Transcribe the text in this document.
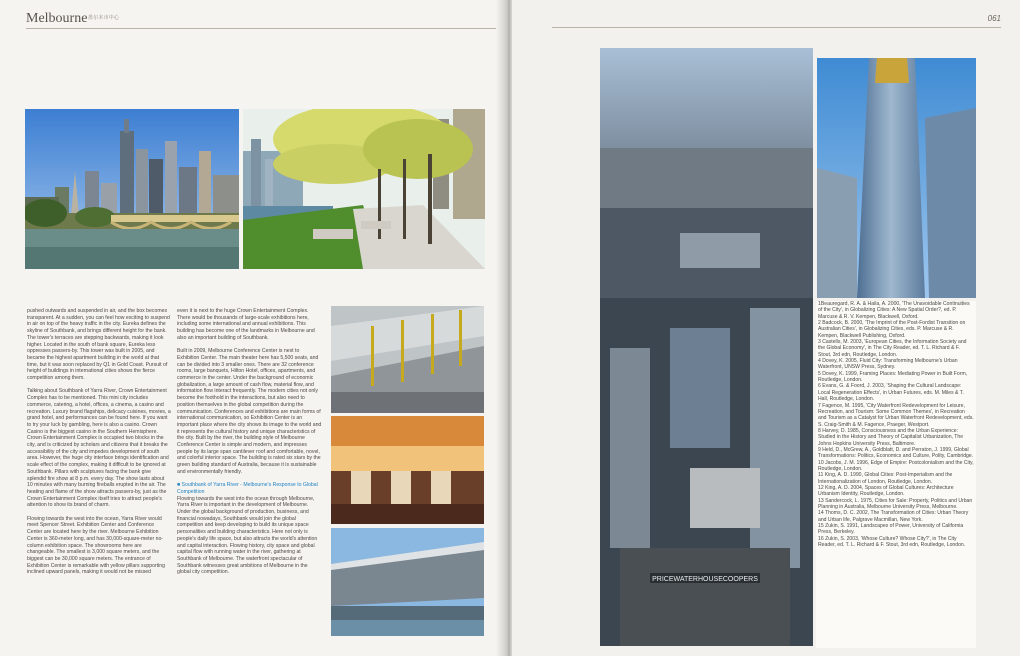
Melbourne 墨尔本市中心

pushed outwards and suspended in air, and the box becomes transparent. At a sudden, you can feel how exciting to suspend in air on top of the heavy traffic in the city. Eureka defines the skyline of Southbank, and brings different height for the bank. The tower's terraces are stepping backwards, making it look higher. Located in the south of bank square, Eureka less oppresses passers-by. This tower was built in 2005, and became the highest apartment building in the world at that time, but it was soon replaced by Q1 in Gold Coast. Pursuit of height of buildings in international cities shows the fierce competition among them.

Talking about Southbank of Yarra River, Crown Entertainment Complex has to be mentioned. This mini city includes commerce, catering, a hotel, offices, a cinema, a casino and recreation. Luxury brand flagships, delicacy cuisines, movies, a grand hotel, and performances can be found here. If you want to try your luck by gambling, here is also a casino. Crown Casino is the biggest casino in the Southern Hemisphere. Crown Entertainment Complex is occupied two blocks in the city, and is criticized by scholars and citizens that it breaks the accessibility of the city and impedes development of south area. However, the huge city interface brings identification and scale effect of the complex, making it difficult to be ignored at Southbank. Pillars with sculptures facing the bank give splendid fire show at 8 p.m. every day. The show lasts about 10 minutes with many burning fireballs erupted in the air. The heating and flame of the show attracts passers-by, just as the Crown Entertainment Complex itself tries to attract people's attention to show its brand of charm.

Flowing towards the west into the ocean, Yarra River would meet Spencer Street. Exhibition Center and Conference Center are located here by the river. Melbourne Exhibition Center is 360-meter long, and has 30,000-square-meter no-column exhibition space. The showrooms here are changeable. The smallest is 3,000 square meters, and the biggest can be 30,000 square meters. The entrance of Exhibition Center is remarkable with yellow pillars supporting inclined upward panels, making it would not be missed

even it is next to the huge Crown Entertainment Complex. There would be thousands of large-scale exhibitions here, including some international and annual exhibitions. This building has become one of the landmarks in Melbourne and also an important building of Southbank.

Built in 2009, Melbourne Conference Center is next to Exhibition Center. The main theater here has 5,500 seats, and can be divided into 3 smaller ones. There are 32 conference rooms, large banquets, Hilton Hotel, offices, apartments, and commerce in the center. Under the background of economic globalization, a large amount of cash flow, material flow, and information flow interact frequently. The modern cities not only become the foothold in the interactions, but also need to position themselves in the global competition during the communication. Conferences and exhibitions are main forms of international communication, so Exhibition Center is an important place where the city shows its image to the world and it represents the cultural history and unique characteristics of the city. Built by the river, the building style of Melbourne Conference Center is simple and modern, and impresses people by its large span cantilever roof and comfortable, novel, and colorful interior space. The building is rated six stars by the green building standard of Australia, because it is sustainable and environmentally friendly.

■ Southbank of Yarra River - Melbourne's Response to Global Competition

Flowing towards the west into the ocean through Melbourne, Yarra River is important in the development of Melbourne. Under the global background of production, business, and financial nowadays, Southbank would join the global competition and keep developing to build its unique space personalities and building characteristics. Here not only is people's daily life space, but also attracts the world's attention and capital interaction. Flowing history, city space and global capital flow with running water in the river, gathering at Southbank of Melbourne. The waterfront spectacular of Southbank witnesses great ambitions of Melbourne in the global city competition.

061
PRICEWATERHOUSECOOPERS
1Beauregard, R. A. & Haila, A. 2000, 'The Unavoidable Continuities of the City', in Globalizing Cities: A New Spatial Order?, ed. P. Marcuse & R. V. Kempen, Blackwell, Oxford.
2 Badcock, B. 2000, 'The Imprint of the Post-Fordist Transition on Australian Cities', in Globalizing Cities, eds. P. Marcuse & R. Kempen, Blackwell Publishing, Oxford.
3 Castells, M. 2003, 'European Cities, the Information Society and the Global Economy', in The City Reader, ed. T. L. Richard & F. Stout, 3rd edn, Routledge, London.
4 Dovey, K. 2005, Fluid City: Transforming Melbourne's Urban Waterfront, UNSW Press, Sydney.
5 Dovey, K. 1999, Framing Places: Mediating Power in Built Form, Routledge, London.
6 Evans, G. & Foord, J. 2003, 'Shaping the Cultural Landscape: Local Regeneration Effects', in Urban Futures, eds. M. Miles & T. Hall, Routledge, London.
7 Fagence, M. 1995, 'City Waterfront Redevelopment for Leisure, Recreation, and Tourism: Some Common Themes', in Recreation and Tourism as a Catalyst for Urban Waterfront Redevelopment, eds. S. Craig-Smith & M. Fagence, Praeger, Westport.
8 Harvey, D. 1985, Consciousness and the Urban Experience: Studied in the History and Theory of Capitalist Urbanization, The Johns Hopkins University Press, Baltimore.
9 Held, D., McGrew, A., Goldblatt, D. and Perraton, J. 1999, Global Transformations: Politics, Economics and Culture, Polity, Cambridge.
10 Jacobs, J. M. 1996, Edge of Empire: Postcolonialism and the City, Routledge, London.
11 King, A. D. 1990, Global Cities: Post-Imperialism and the Internationalization of London, Routledge, London.
12 King, A. D. 2004, Spaces of Global Cultures: Architecture Urbanism Identity, Routledge, London.
13 Sandercock, L. 1975, Cities for Sale: Property, Politics and Urban Planning in Australia, Melbourne University Press, Melbourne.
14 Thoms, D. C. 2002, The Transformation of Cities: Urban Theory and Urban life, Palgrave Macmillan, New York.
15 Zukin, S. 1991, Landscapes of Power, University of California Press, Berkeley.
16 Zukin, S. 2003, 'Whose Culture? Whose City?', in The City Reader, ed. T. L. Richard & F. Stout, 3rd edn, Routledge, London.
